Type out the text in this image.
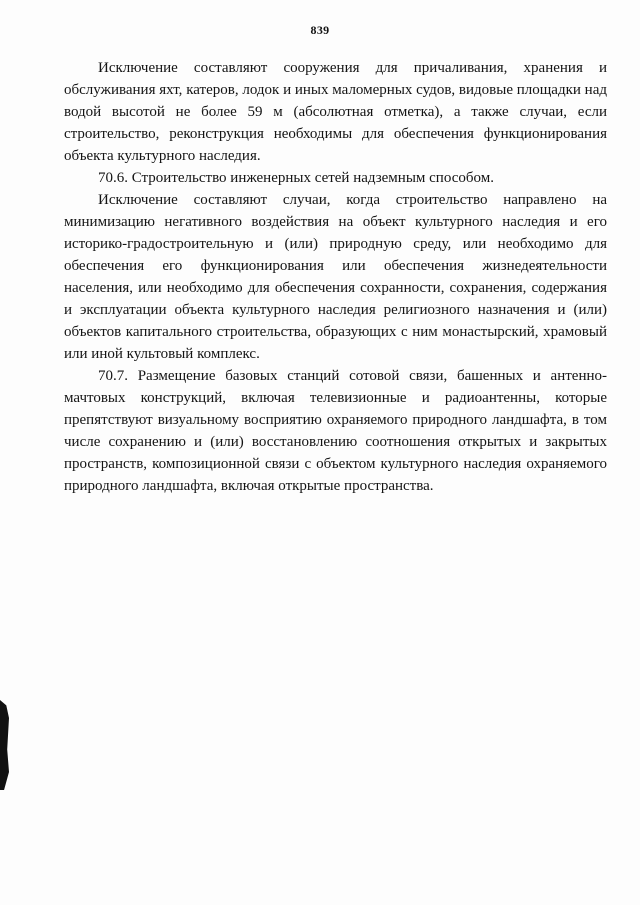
839

Исключение составляют сооружения для причаливания, хранения и обслуживания яхт, катеров, лодок и иных маломерных судов, видовые площадки над водой высотой не более 59 м (абсолютная отметка), а также случаи, если строительство, реконструкция необходимы для обеспечения функционирования объекта культурного наследия.

70.6. Строительство инженерных сетей надземным способом.

Исключение составляют случаи, когда строительство направлено на минимизацию негативного воздействия на объект культурного наследия и его историко-градостроительную и (или) природную среду, или необходимо для обеспечения его функционирования или обеспечения жизнедеятельности населения, или необходимо для обеспечения сохранности, сохранения, содержания и эксплуатации объекта культурного наследия религиозного назначения и (или) объектов капитального строительства, образующих с ним монастырский, храмовый или иной культовый комплекс.

70.7. Размещение базовых станций сотовой связи, башенных и антенно-мачтовых конструкций, включая телевизионные и радиоантенны, которые препятствуют визуальному восприятию охраняемого природного ландшафта, в том числе сохранению и (или) восстановлению соотношения открытых и закрытых пространств, композиционной связи с объектом культурного наследия охраняемого природного ландшафта, включая открытые пространства.
